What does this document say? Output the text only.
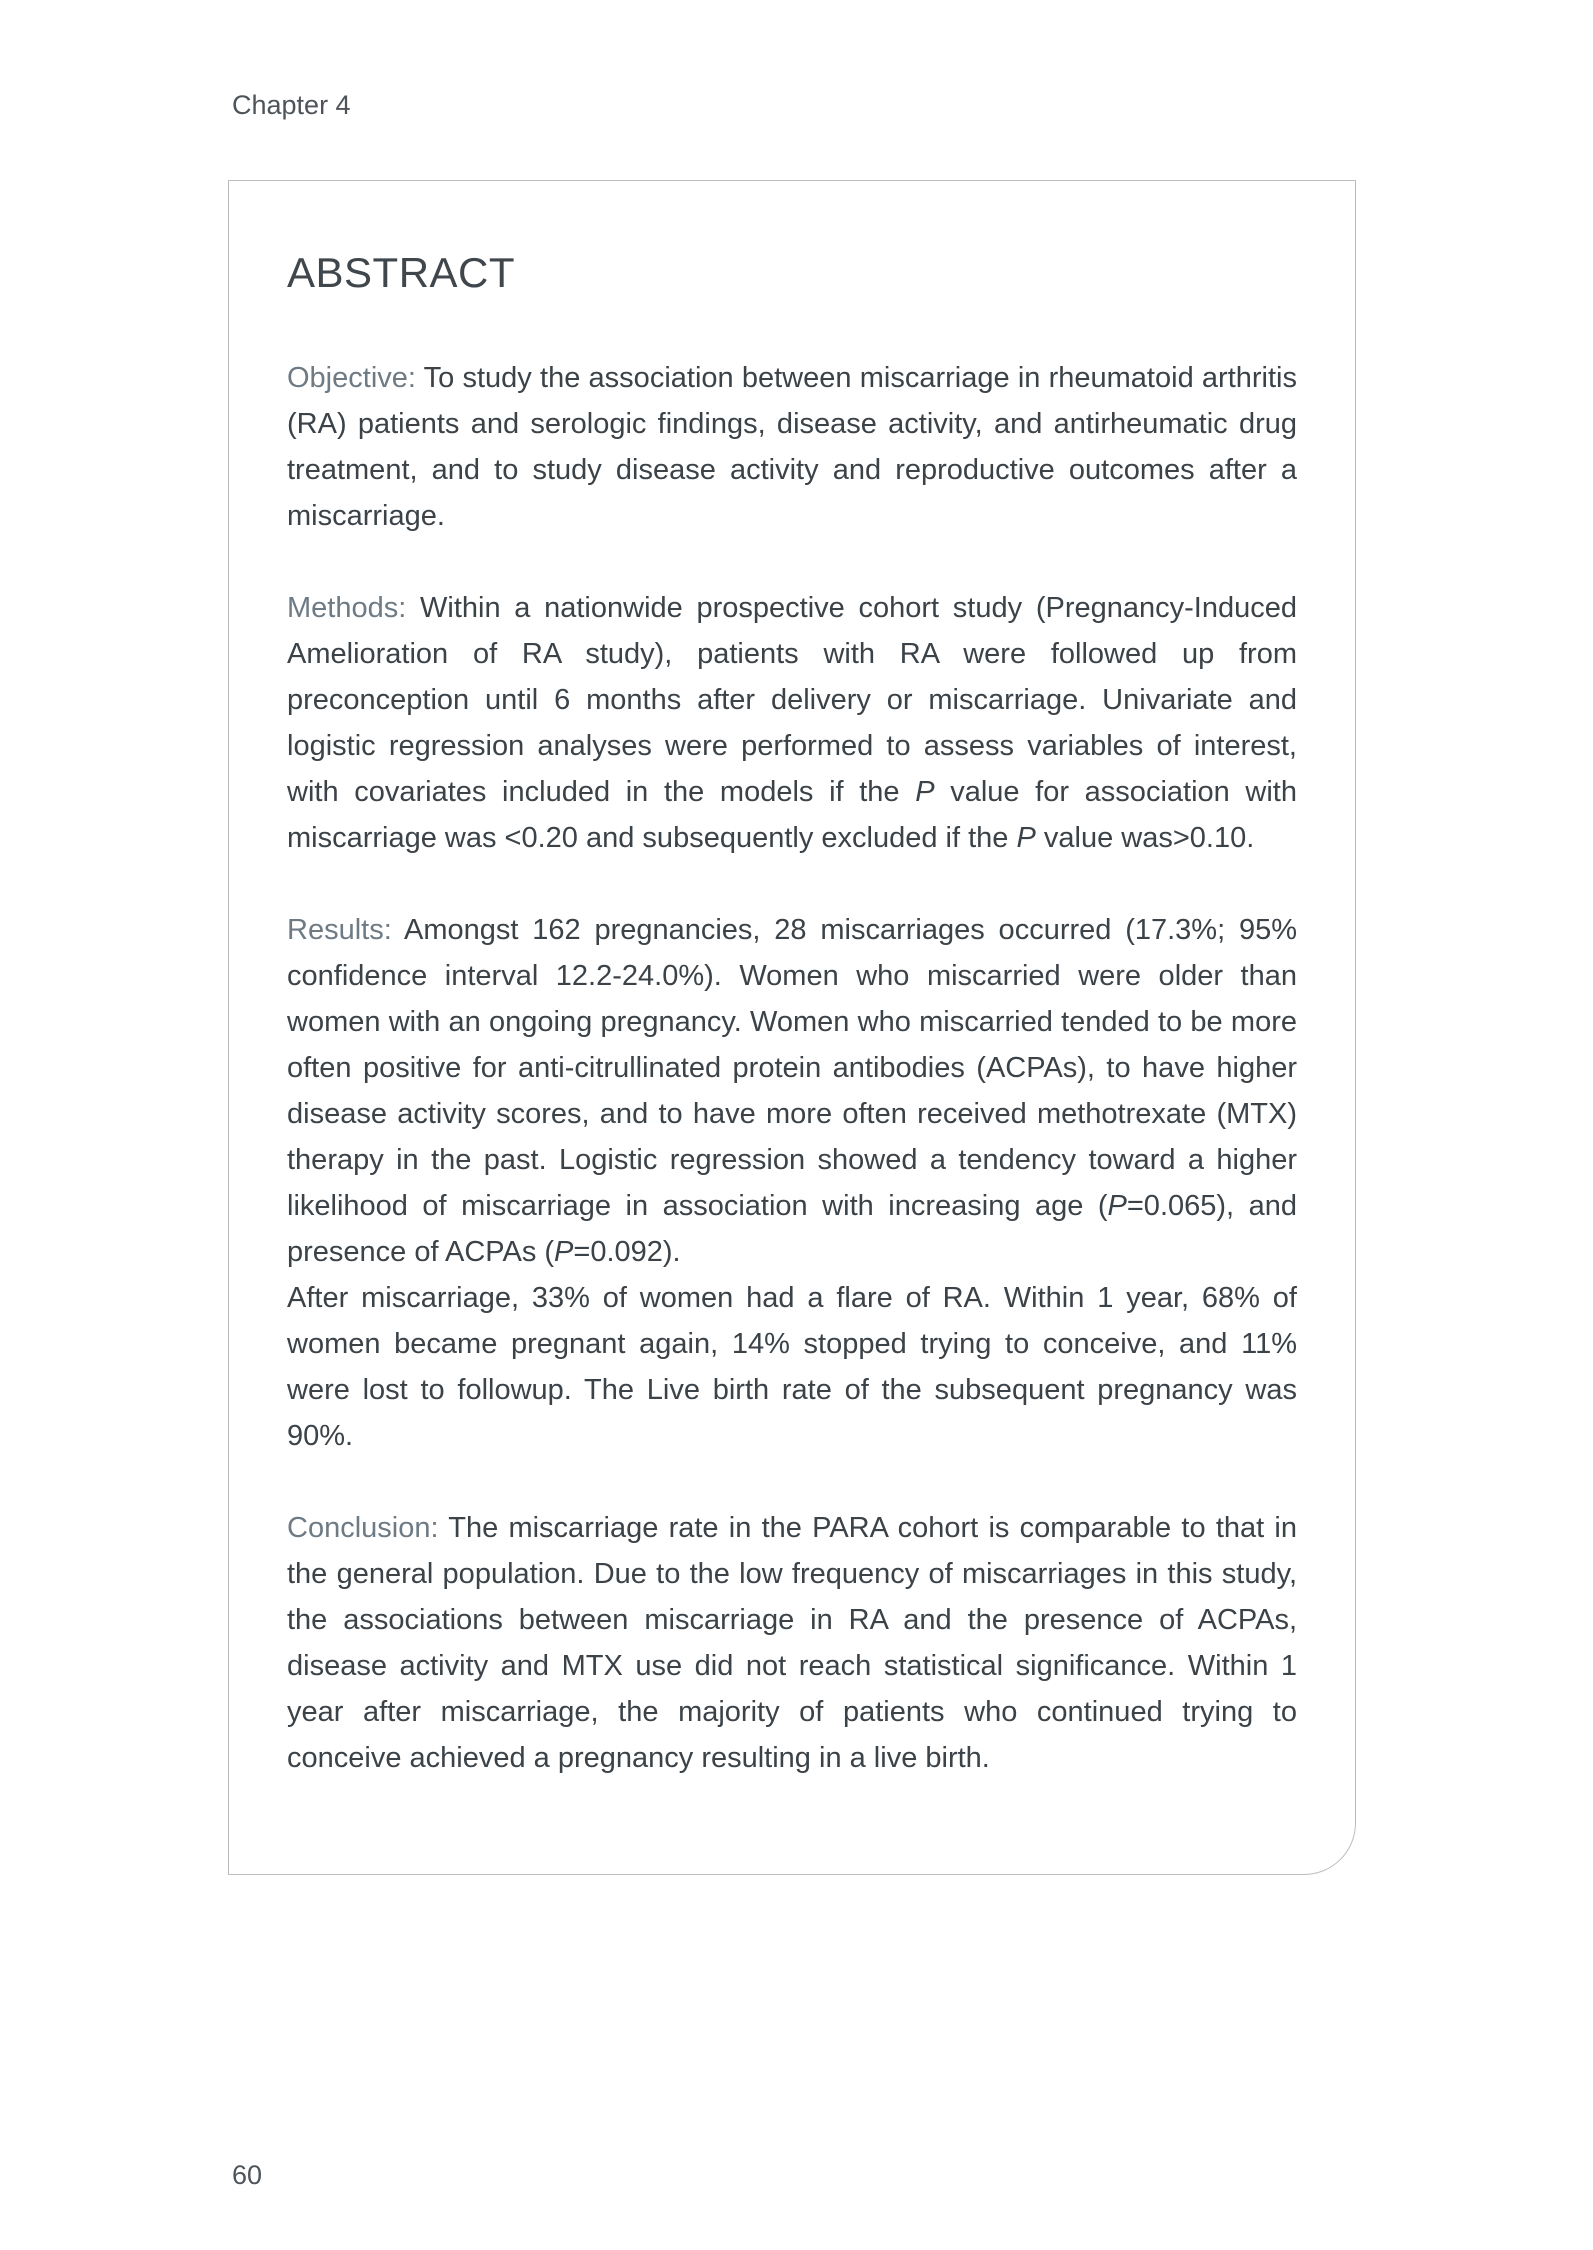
Chapter 4
ABSTRACT

Objective: To study the association between miscarriage in rheumatoid arthritis (RA) patients and serologic findings, disease activity, and antirheumatic drug treatment, and to study disease activity and reproductive outcomes after a miscarriage.

Methods: Within a nationwide prospective cohort study (Pregnancy-Induced Amelioration of RA study), patients with RA were followed up from preconception until 6 months after delivery or miscarriage. Univariate and logistic regression analyses were performed to assess variables of interest, with covariates included in the models if the P value for association with miscarriage was <0.20 and subsequently excluded if the P value was>0.10.

Results: Amongst 162 pregnancies, 28 miscarriages occurred (17.3%; 95% confidence interval 12.2-24.0%). Women who miscarried were older than women with an ongoing pregnancy. Women who miscarried tended to be more often positive for anti-citrullinated protein antibodies (ACPAs), to have higher disease activity scores, and to have more often received methotrexate (MTX) therapy in the past. Logistic regression showed a tendency toward a higher likelihood of miscarriage in association with increasing age (P=0.065), and presence of ACPAs (P=0.092).

After miscarriage, 33% of women had a flare of RA. Within 1 year, 68% of women became pregnant again, 14% stopped trying to conceive, and 11% were lost to followup. The Live birth rate of the subsequent pregnancy was 90%.

Conclusion: The miscarriage rate in the PARA cohort is comparable to that in the general population. Due to the low frequency of miscarriages in this study, the associations between miscarriage in RA and the presence of ACPAs, disease activity and MTX use did not reach statistical significance. Within 1 year after miscarriage, the majority of patients who continued trying to conceive achieved a pregnancy resulting in a live birth.

60
